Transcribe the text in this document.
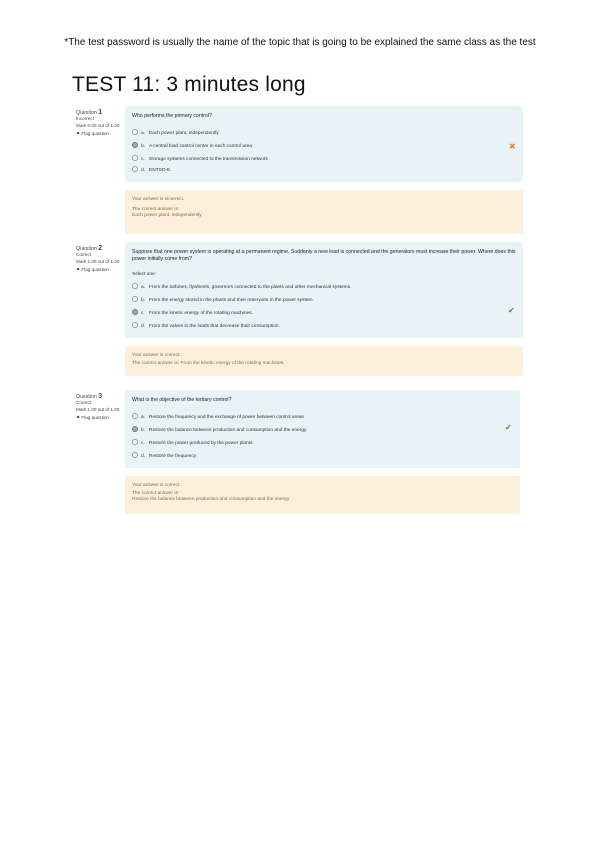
*The test password is usually the name of the topic that is going to be explained the same class as the test
TEST 11: 3 minutes long
Question 1
Incorrect
Mark 0.00 out of 1.00
⚑ Flag question
Who performs the primary control?
a. Each power plant, independently
b. A central load control center in each control area
c. Storage systems connected to the transmission network
d. ENTSO-E
✖
Your answer is incorrect.
The correct answer is:
Each power plant, independently
Question 2
Correct
Mark 1.00 out of 1.00
⚑ Flag question
Suppose that one power system is operating at a permanent regime. Suddenly a new load is connected and the generators must increase their power. Where does this power initially come from?
Select one:
a. From the turbines, flywheels, governors connected to the plants and other mechanical systems.
b. From the energy stored in the plants and their reservoirs in the power system.
c. From the kinetic energy of the rotating machines.
d. From the valves in the loads that decrease their consumption.
✔
Your answer is correct.
The correct answer is: From the kinetic energy of the rotating machines.
Question 3
Correct
Mark 1.00 out of 1.00
⚑ Flag question
What is the objective of the tertiary control?
a. Restore the frequency and the exchange of power between control areas
b. Restore the balance between production and consumption and the energy
c. Restore the power produced by the power plants
d. Restore the frequency
✔
Your answer is correct.
The correct answer is:
Restore the balance between production and consumption and the energy
